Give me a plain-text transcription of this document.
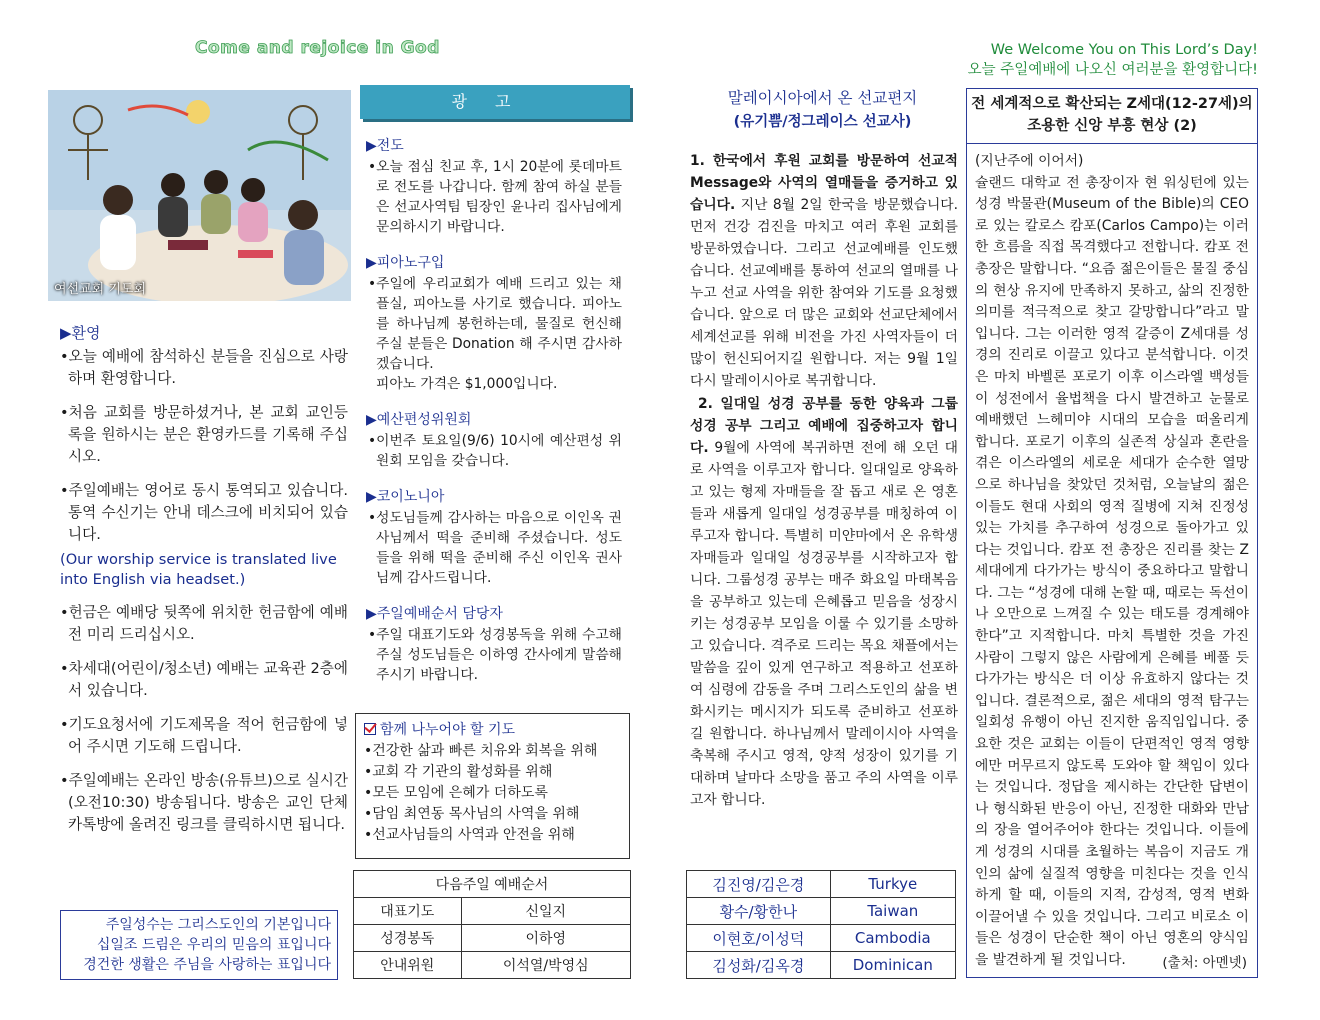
Come and rejoice in God	We Welcome You on This Lord’s Day!
오늘 주일예배에 나오신 여러분을 환영합니다!
여선교회 기도회
▶환영
•오늘 예배에 참석하신 분들을 진심으로 사랑하며 환영합니다.
•처음 교회를 방문하셨거나, 본 교회 교인등록을 원하시는 분은 환영카드를 기록해 주십시오.
•주일예배는 영어로 동시 통역되고 있습니다. 통역 수신기는 안내 데스크에 비치되어 있습니다.
(Our worship service is translated live into English via headset.)
•헌금은 예배당 뒷쪽에 위치한 헌금함에 예배전 미리 드리십시오.
•차세대(어린이/청소년) 예배는 교육관 2층에서 있습니다.
•기도요청서에 기도제목을 적어 헌금함에 넣어 주시면 기도해 드립니다.
•주일예배는 온라인 방송(유튜브)으로 실시간 (오전10:30) 방송됩니다. 방송은 교인 단체 카톡방에 올려진 링크를 클릭하시면 됩니다.
주일성수는 그리스도인의 기본입니다
십일조 드림은 우리의 믿음의 표입니다
경건한 생활은 주님을 사랑하는 표입니다
광고
▶전도
•오늘 점심 친교 후, 1시 20분에 롯데마트로 전도를 나갑니다. 함께 참여 하실 분들은 선교사역팀 팀장인 윤나리 집사님에게 문의하시기 바랍니다.
▶피아노구입
•주일에 우리교회가 예배 드리고 있는 채플실, 피아노를 사기로 했습니다. 피아노를 하나님께 봉헌하는데, 물질로 헌신해 주실 분들은 Donation 해 주시면 감사하겠습니다.
피아노 가격은 $1,000입니다.
▶예산편성위원회
•이번주 토요일(9/6) 10시에 예산편성 위원회 모임을 갖습니다.
▶코이노니아
•성도님들께 감사하는 마음으로 이인옥 권사님께서 떡을 준비해 주셨습니다. 성도들을 위해 떡을 준비해 주신 이인옥 권사님께 감사드립니다.
▶주일예배순서 담당자
•주일 대표기도와 성경봉독을 위해 수고해 주실 성도님들은 이하영 간사에게 말씀해 주시기 바랍니다.
함께 나누어야 할 기도
•건강한 삶과 빠른 치유와 회복을 위해
•교회 각 기관의 활성화를 위해
•모든 모임에 은혜가 더하도록
•담임 최연동 목사님의 사역을 위해
•선교사님들의 사역과 안전을 위해
다음주일 예배순서	
대표기도	신일지
성경봉독	이하영
안내위원	이석열/박영심
말레이시아에서 온 선교편지
(유기쁨/정그레이스 선교사)

1. 한국에서 후원 교회를 방문하여 선교적 Message와 사역의 열매들을 증거하고 있습니다. 지난 8월 2일 한국을 방문했습니다. 먼저 건강 검진을 마치고 여러 후원 교회를 방문하였습니다. 그리고 선교예배를 인도했습니다. 선교예배를 통하여 선교의 열매를 나누고 선교 사역을 위한 참여와 기도를 요청했습니다. 앞으로 더 많은 교회와 선교단체에서 세계선교를 위해 비전을 가진 사역자들이 더 많이 헌신되어지길 원합니다. 저는 9월 1일 다시 말레이시아로 복귀합니다.

2. 일대일 성경 공부를 동한 양육과 그룹 성경 공부 그리고 예배에 집중하고자 합니다. 9월에 사역에 복귀하면 전에 해 오던 대로 사역을 이루고자 합니다. 일대일로 양육하고 있는 형제 자매들을 잘 돕고 새로 온 영혼들과 새롭게 일대일 성경공부를 매칭하여 이루고자 합니다. 특별히 미얀마에서 온 유학생 자매들과 일대일 성경공부를 시작하고자 합니다. 그룹성경 공부는 매주 화요일 마태복음을 공부하고 있는데 은혜롭고 믿음을 성장시키는 성경공부 모임을 이룰 수 있기를 소망하고 있습니다. 격주로 드리는 목요 채플에서는 말씀을 깊이 있게 연구하고 적용하고 선포하여 심령에 감동을 주며 그리스도인의 삶을 변화시키는 메시지가 되도록 준비하고 선포하길 원합니다. 하나님께서 말레이시아 사역을 축복해 주시고 영적, 양적 성장이 있기를 기대하며 날마다 소망을 품고 주의 사역을 이루고자 합니다.

김진영/김은경	Turkye
황수/황한나	Taiwan
이현호/이성덕	Cambodia
김성화/김옥경	Dominican
전 세계적으로 확산되는 Z세대(12-27세)의
조용한 신앙 부흥 현상 (2)
(지난주에 이어서)
슐랜드 대학교 전 총장이자 현 워싱턴에 있는 성경 박물관(Museum of the Bible)의 CEO로 있는 칼로스 캄포(Carlos Campo)는 이러한 흐름을 직접 목격했다고 전합니다. 캄포 전 총장은 말합니다. “요즘 젊은이들은 물질 중심의 현상 유지에 만족하지 못하고, 삶의 진정한 의미를 적극적으로 찾고 갈망합니다”라고 말입니다. 그는 이러한 영적 갈증이 Z세대를 성경의 진리로 이끌고 있다고 분석합니다. 이것은 마치 바벨론 포로기 이후 이스라엘 백성들이 성전에서 율법책을 다시 발견하고 눈물로 예배했던 느헤미야 시대의 모습을 떠올리게 합니다. 포로기 이후의 실존적 상실과 혼란을 겪은 이스라엘의 세로운 세대가 순수한 열망으로 하나님을 찾았던 것처럼, 오늘날의 젊은이들도 현대 사회의 영적 질병에 지쳐 진정성 있는 가치를 추구하여 성경으로 돌아가고 있다는 것입니다. 캄포 전 총장은 진리를 찾는 Z세대에게 다가가는 방식이 중요하다고 말합니다. 그는 “성경에 대해 논할 때, 때로는 독선이나 오만으로 느껴질 수 있는 태도를 경계해야 한다”고 지적합니다. 마치 특별한 것을 가진 사람이 그렇지 않은 사람에게 은혜를 베풀 듯 다가가는 방식은 더 이상 유효하지 않다는 것입니다. 결론적으로, 젊은 세대의 영적 탐구는 일회성 유행이 아닌 진지한 움직임입니다. 중요한 것은 교회는 이들이 단편적인 영적 영향에만 머무르지 않도록 도와야 할 책임이 있다는 것입니다. 정답을 제시하는 간단한 답변이나 형식화된 반응이 아닌, 진정한 대화와 만남의 장을 열어주어야 한다는 것입니다. 이들에게 성경의 시대를 초월하는 복음이 지금도 개인의 삶에 실질적 영향을 미친다는 것을 인식하게 할 때, 이들의 지적, 감성적, 영적 변화 이끌어낼 수 있을 것입니다. 그리고 비로소 이들은 성경이 단순한 책이 아닌 영혼의 양식임을 발견하게 될 것입니다.	(출처: 아멘넷)
